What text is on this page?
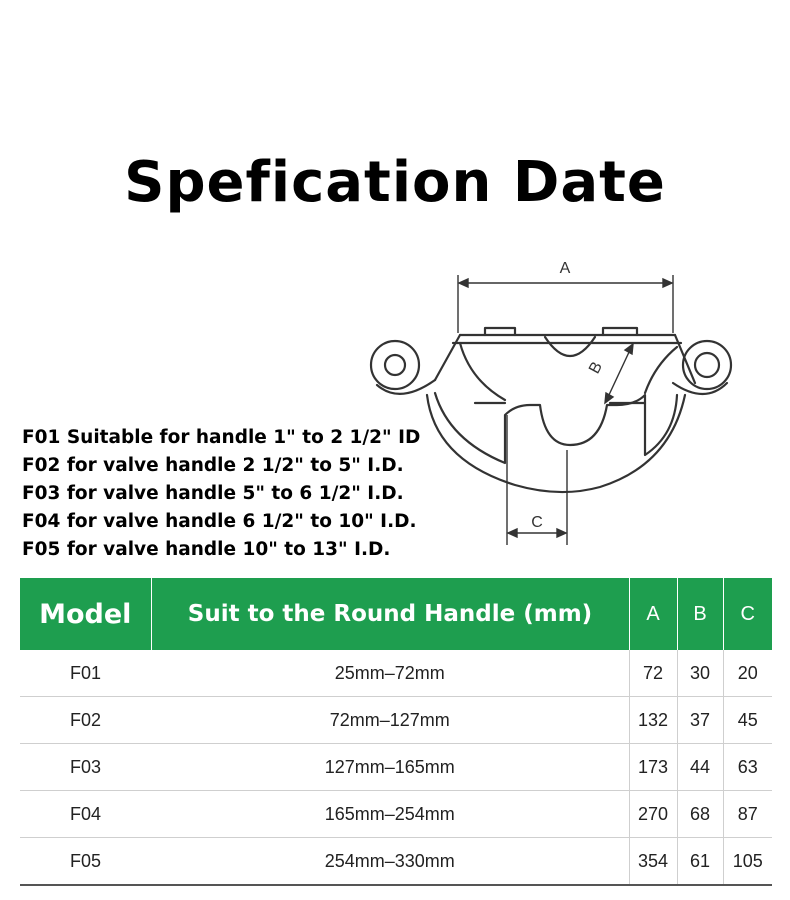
Spefication Date
A
B
C
F01 Suitable for handle 1" to 2 1/2" ID
F02 for valve handle 2 1/2" to 5" I.D.
F03 for valve handle 5" to 6 1/2" I.D.
F04 for valve handle 6 1/2" to 10" I.D.
F05 for valve handle 10" to 13" I.D.
Model	Suit to the Round Handle (mm)	A	B	C
F01	25mm–72mm	72	30	20
F02	72mm–127mm	132	37	45
F03	127mm–165mm	173	44	63
F04	165mm–254mm	270	68	87
F05	254mm–330mm	354	61	105
